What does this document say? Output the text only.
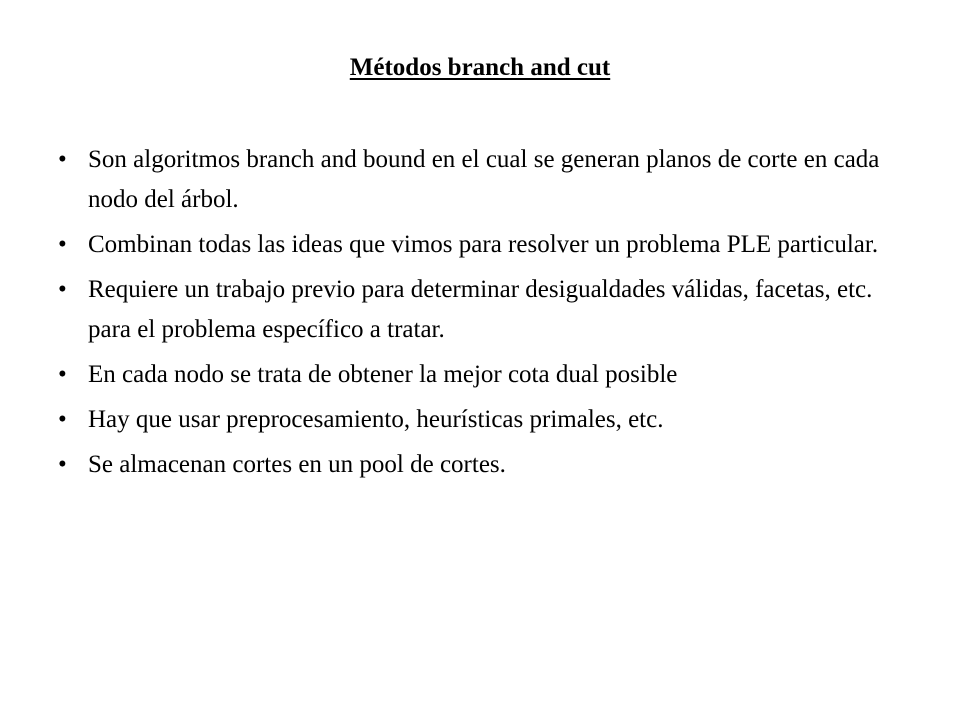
Métodos branch and cut
• Son algoritmos branch and bound en el cual se generan planos de corte en cada nodo del árbol.
• Combinan todas las ideas que vimos para resolver un problema PLE particular.
• Requiere un trabajo previo para determinar desigualdades válidas, facetas, etc. para el problema específico a tratar.
• En cada nodo se trata de obtener la mejor cota dual posible
• Hay que usar preprocesamiento, heurísticas primales, etc.
• Se almacenan cortes en un pool de cortes.
